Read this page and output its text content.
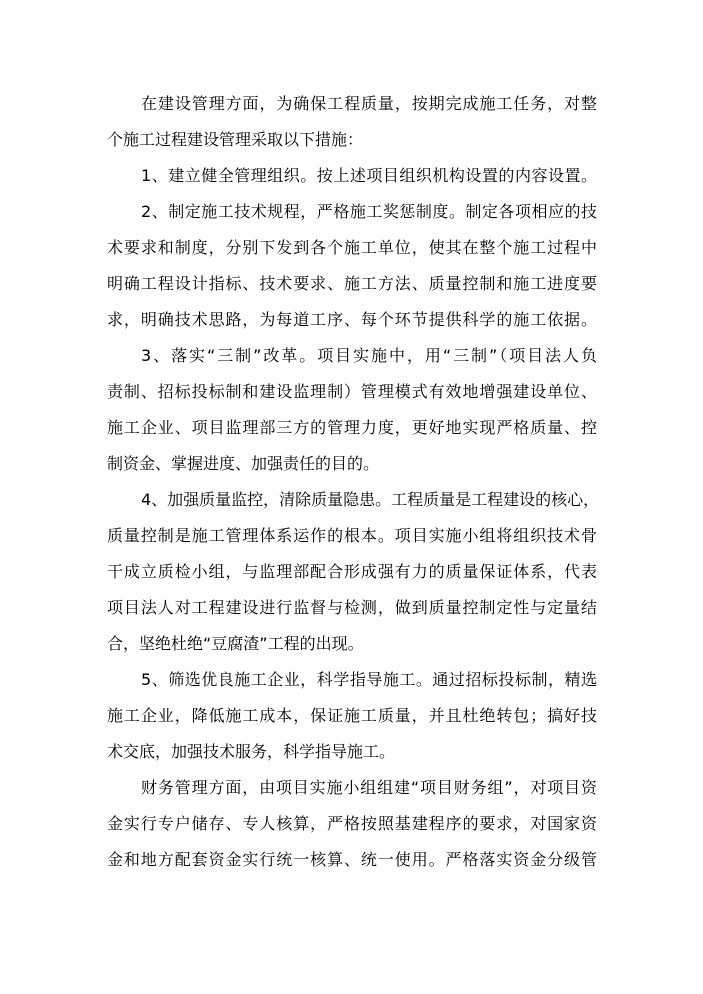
在建设管理方面，为确保工程质量，按期完成施工任务，对整
个施工过程建设管理采取以下措施：
1、建立健全管理组织。按上述项目组织机构设置的内容设置。
2、制定施工技术规程，严格施工奖惩制度。制定各项相应的技
术要求和制度，分别下发到各个施工单位，使其在整个施工过程中
明确工程设计指标、技术要求、施工方法、质量控制和施工进度要
求，明确技术思路，为每道工序、每个环节提供科学的施工依据。
3、落实“三制”改革。项目实施中，用“三制”（项目法人负
责制、招标投标制和建设监理制）管理模式有效地增强建设单位、
施工企业、项目监理部三方的管理力度，更好地实现严格质量、控
制资金、掌握进度、加强责任的目的。
4、加强质量监控，清除质量隐患。工程质量是工程建设的核心，
质量控制是施工管理体系运作的根本。项目实施小组将组织技术骨
干成立质检小组，与监理部配合形成强有力的质量保证体系，代表
项目法人对工程建设进行监督与检测，做到质量控制定性与定量结
合，坚绝杜绝“豆腐渣”工程的出现。
5、筛选优良施工企业，科学指导施工。通过招标投标制，精选
施工企业，降低施工成本，保证施工质量，并且杜绝转包；搞好技
术交底，加强技术服务，科学指导施工。
财务管理方面，由项目实施小组组建“项目财务组”，对项目资
金实行专户储存、专人核算，严格按照基建程序的要求，对国家资
金和地方配套资金实行统一核算、统一使用。严格落实资金分级管
